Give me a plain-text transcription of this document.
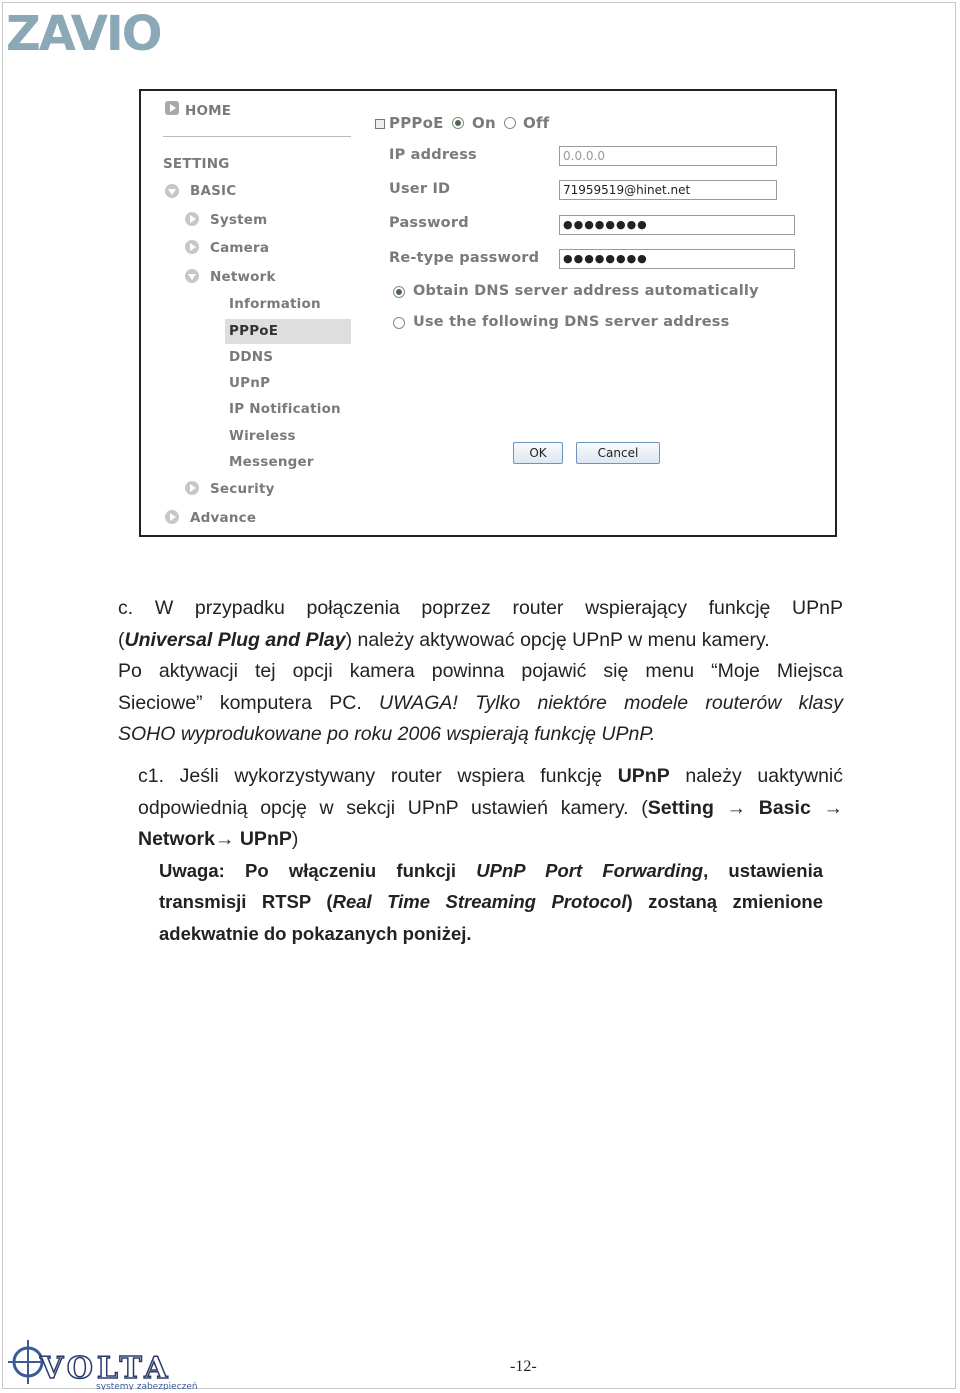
ZAVIO
HOME
SETTING
BASIC
System
Camera
Network
Information
PPPoE
DDNS
UPnP
IP Notification
Wireless
Messenger
Security
Advance
PPPoE On Off
IP address	0.0.0.0
User ID	71959519@hinet.net
Password	●●●●●●●●
Re-type password	●●●●●●●●
Obtain DNS server address automatically
Use the following DNS server address
OK	Cancel
c. W przypadku połączenia poprzez router wspierający funkcję UPnP
(Universal Plug and Play) należy aktywować opcję UPnP w menu kamery.
Po aktywacji tej opcji kamera powinna pojawić się menu “Moje Miejsca
Sieciowe” komputera PC. UWAGA! Tylko niektóre modele routerów klasy
SOHO wyprodukowane po roku 2006 wspierają funkcję UPnP.
c1. Jeśli wykorzystywany router wspiera funkcję UPnP należy uaktywnić
odpowiednią opcję w sekcji UPnP ustawień kamery. (Setting → Basic →
Network→ UPnP)
Uwaga: Po włączeniu funkcji UPnP Port Forwarding, ustawienia
transmisji RTSP (Real Time Streaming Protocol) zostaną zmienione
adekwatnie do pokazanych poniżej.
VOLTA
systemy zabezpieczeń
-12-
